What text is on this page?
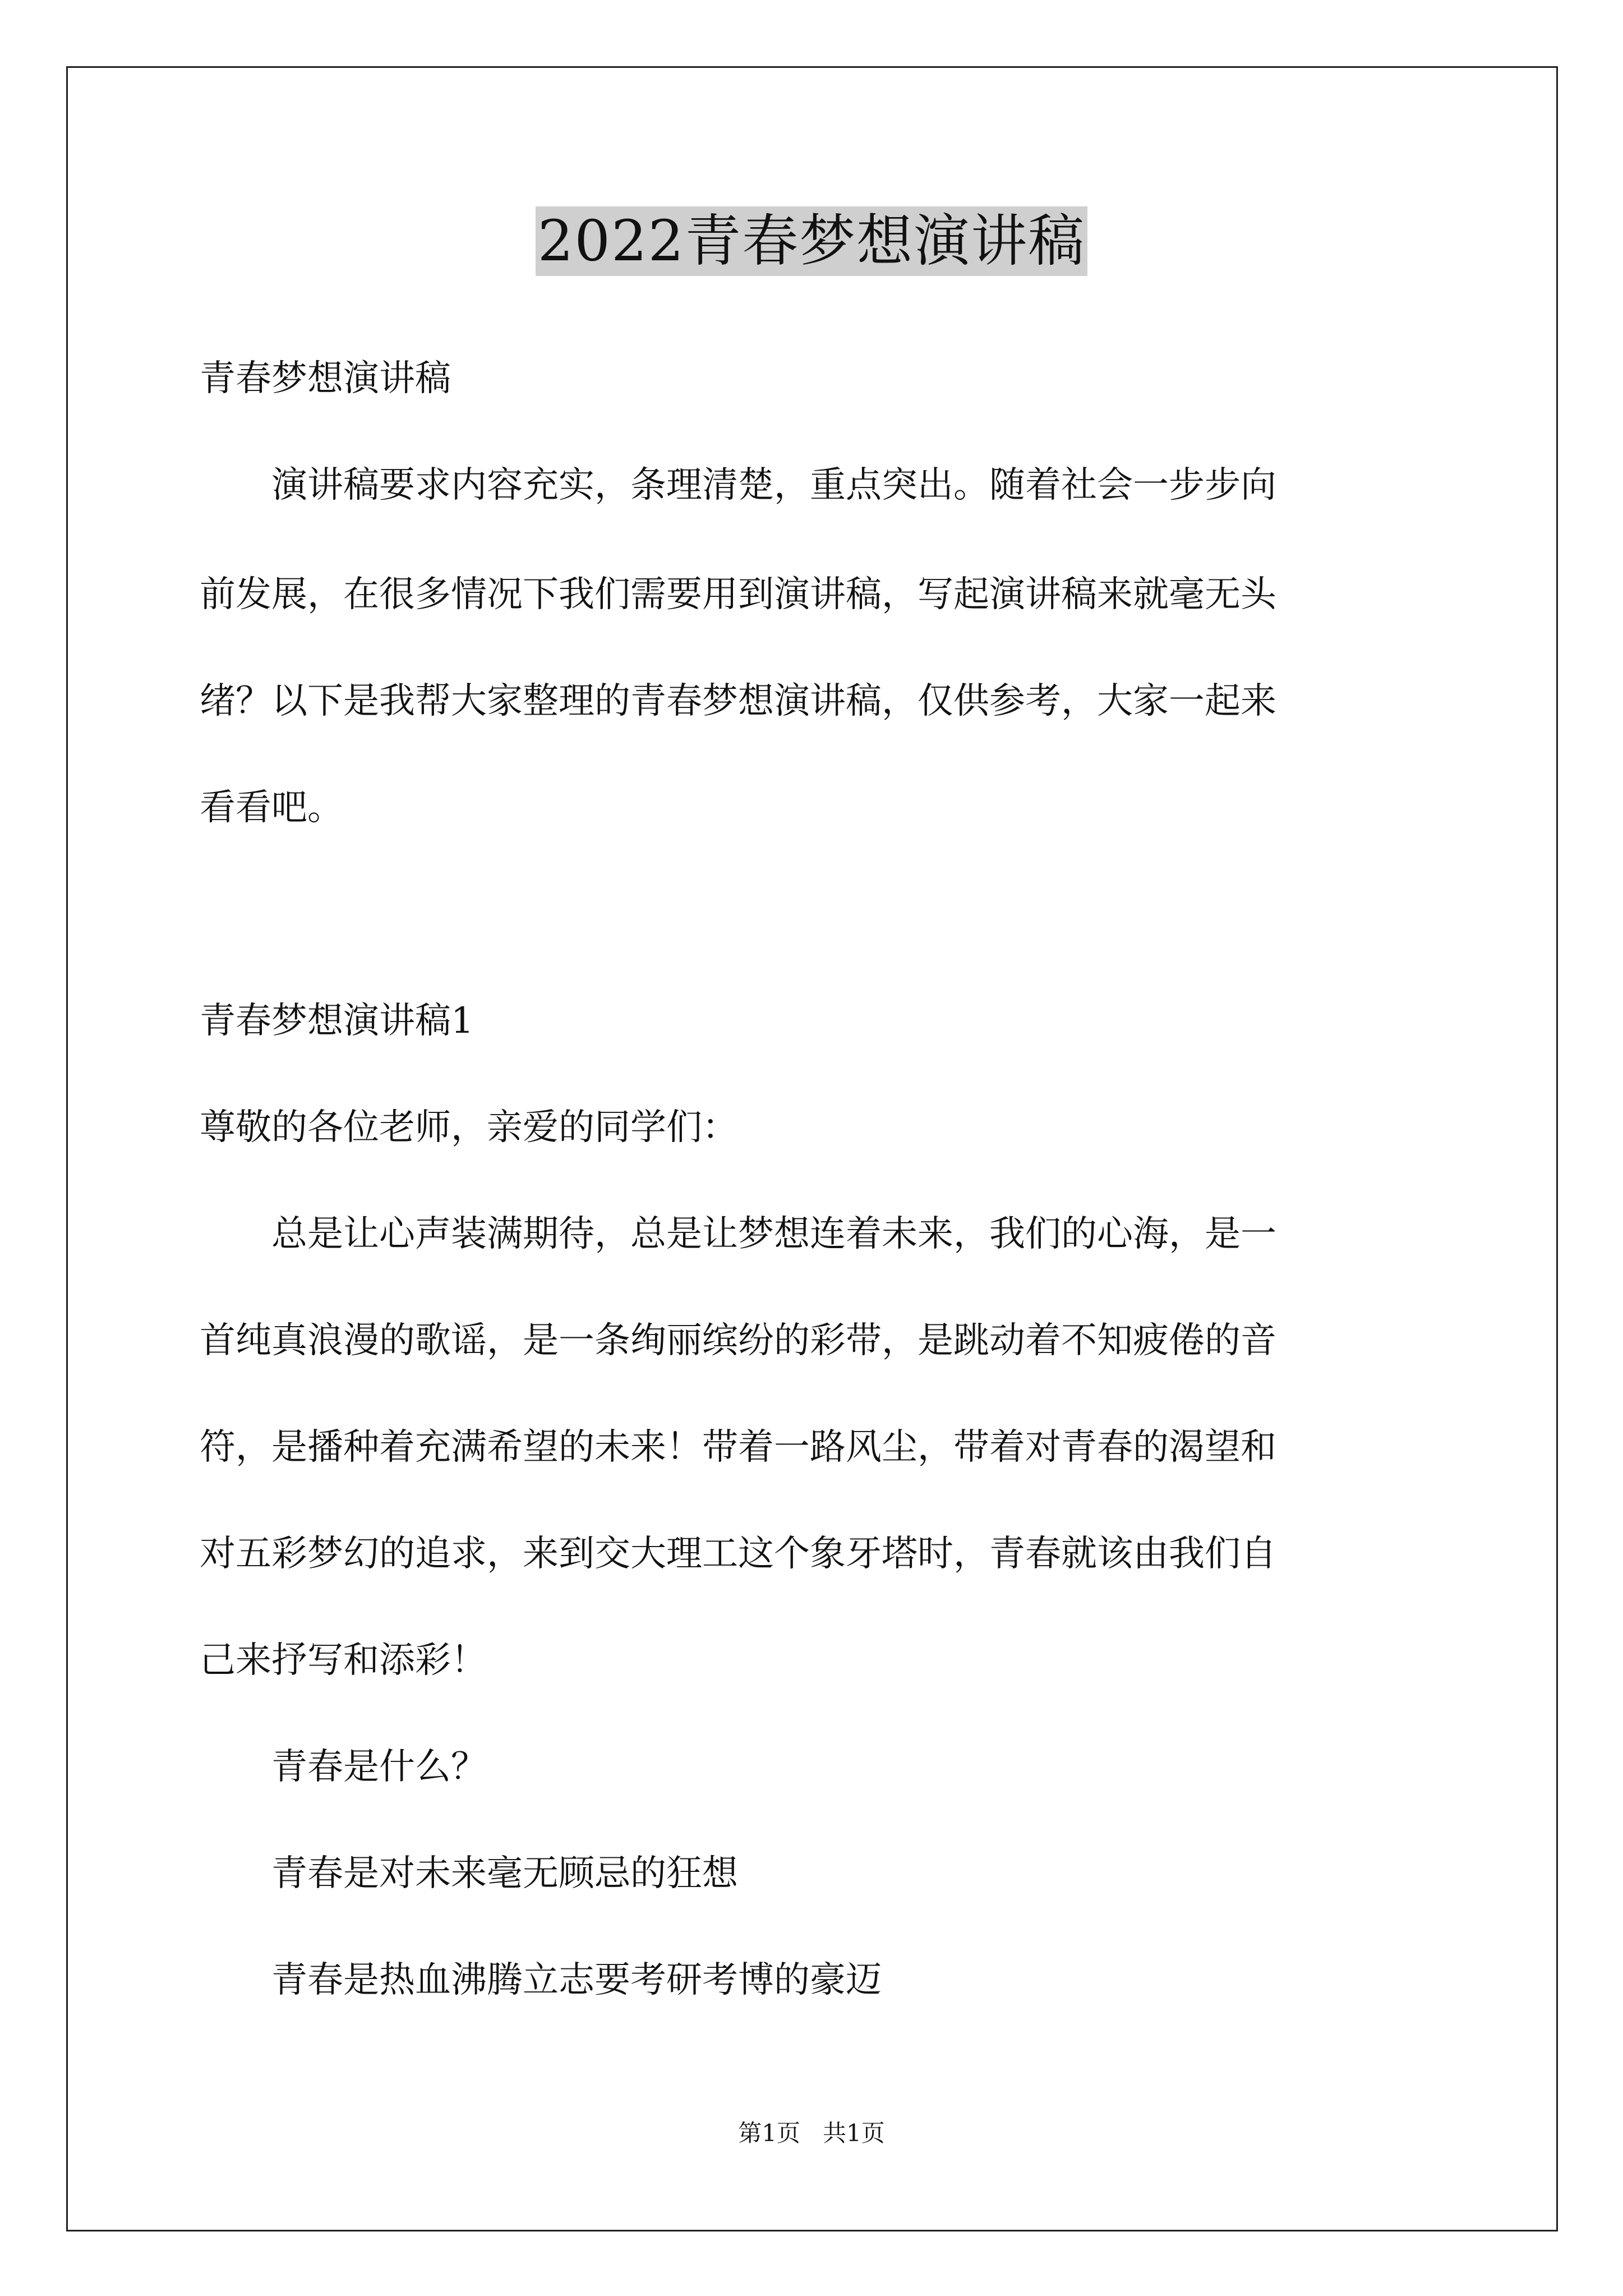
2022青春梦想演讲稿
青春梦想演讲稿
　　演讲稿要求内容充实，条理清楚，重点突出。随着社会一步步向
前发展，在很多情况下我们需要用到演讲稿，写起演讲稿来就毫无头
绪？以下是我帮大家整理的青春梦想演讲稿，仅供参考，大家一起来
看看吧。
青春梦想演讲稿1
尊敬的各位老师，亲爱的同学们：
　　总是让心声装满期待，总是让梦想连着未来，我们的心海，是一
首纯真浪漫的歌谣，是一条绚丽缤纷的彩带，是跳动着不知疲倦的音
符，是播种着充满希望的未来！带着一路风尘，带着对青春的渴望和
对五彩梦幻的追求，来到交大理工这个象牙塔时，青春就该由我们自
己来抒写和添彩！
　　青春是什么？
　　青春是对未来毫无顾忌的狂想
　　青春是热血沸腾立志要考研考博的豪迈
第1页 共1页
